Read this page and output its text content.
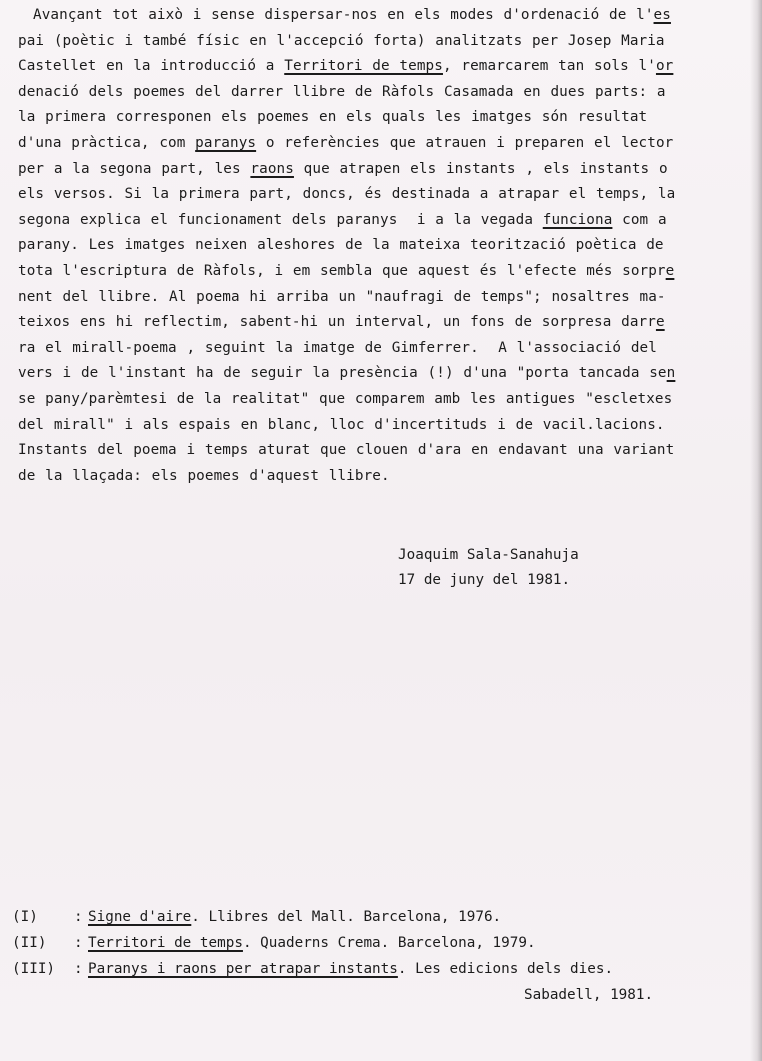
Avançant tot això i sense dispersar-nos en els modes d'ordenació de l'es
pai (poètic i també físic en l'accepció forta) analitzats per Josep Maria
Castellet en la introducció a Territori de temps, remarcarem tan sols l'or
denació dels poemes del darrer llibre de Ràfols Casamada en dues parts: a
la primera corresponen els poemes en els quals les imatges són resultat
d'una pràctica, com paranys o referències que atrauen i preparen el lector
per a la segona part, les raons que atrapen els instants , els instants o
els versos. Si la primera part, doncs, és destinada a atrapar el temps, la
segona explica el funcionament dels paranys  i a la vegada funciona com a
parany. Les imatges neixen aleshores de la mateixa teorització poètica de
tota l'escriptura de Ràfols, i em sembla que aquest és l'efecte més sorpre
nent del llibre. Al poema hi arriba un "naufragi de temps"; nosaltres ma-
teixos ens hi reflectim, sabent-hi un interval, un fons de sorpresa darre
ra el mirall-poema , seguint la imatge de Gimferrer.  A l'associació del
vers i de l'instant ha de seguir la presència (!) d'una "porta tancada sen
se pany/parèmtesi de la realitat" que comparem amb les antigues "escletxes
del mirall" i als espais en blanc, lloc d'incertituds i de vacil.lacions.
Instants del poema i temps aturat que clouen d'ara en endavant una variant
de la llaçada: els poemes d'aquest llibre.
Joaquim Sala-Sanahuja
17 de juny del 1981.
(I)	: Signe d'aire. Llibres del Mall. Barcelona, 1976.
(II) : Territori de temps. Quaderns Crema. Barcelona, 1979.
(III) : Paranys i raons per atrapar instants. Les edicions dels dies.
Sabadell, 1981.
